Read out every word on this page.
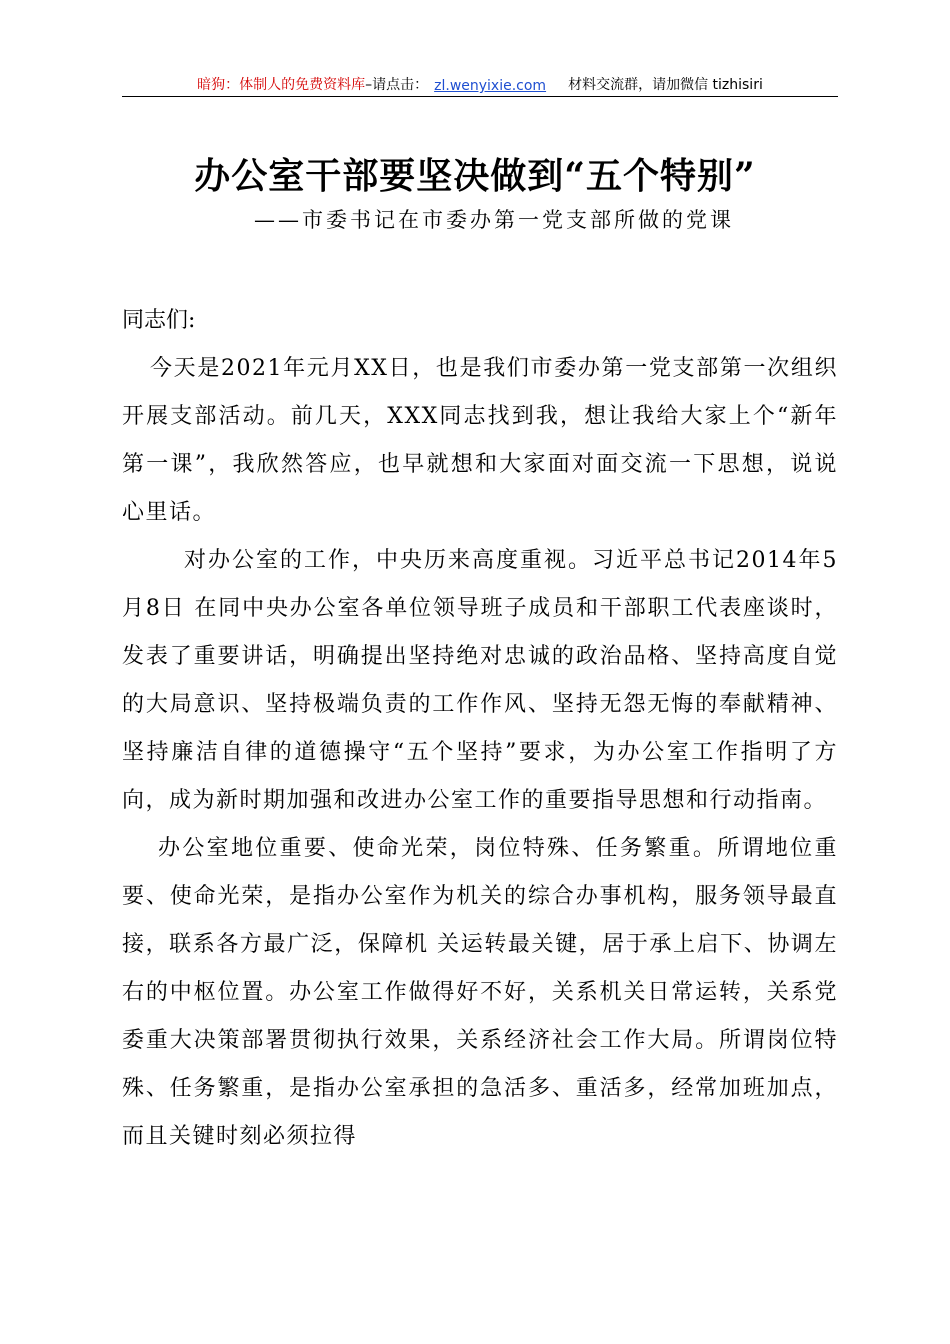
暗狗：体制人的免费资料库 –请点击： zl.wenyixie.com 材料交流群，请加微信 tizhisiri
办公室干部要坚决做到“五个特别”
——市委书记在市委办第一党支部所做的党课
同志们:

今天是2021年元月XX日，也是我们市委办第一党支部第一次组织开展支部活动。前几天，XXX同志找到我，想让我给大家上个“新年第一课”，我欣然答应，也早就想和大家面对面交流一下思想，说说心里话。

对办公室的工作，中央历来高度重视。习近平总书记2014年5月8日 在同中央办公室各单位领导班子成员和干部职工代表座谈时，发表了重要讲话，明确提出坚持绝对忠诚的政治品格、坚持高度自觉的大局意识、坚持极端负责的工作作风、坚持无怨无悔的奉献精神、坚持廉洁自律的道德操守“五个坚持”要求，为办公室工作指明了方向，成为新时期加强和改进办公室工作的重要指导思想和行动指南。

办公室地位重要、使命光荣，岗位特殊、任务繁重。所谓地位重要、使命光荣，是指办公室作为机关的综合办事机构，服务领导最直接，联系各方最广泛，保障机 关运转最关键，居于承上启下、协调左右的中枢位置。办公室工作做得好不好，关系机关日常运转，关系党委重大决策部署贯彻执行效果，关系经济社会工作大局。所谓岗位特殊、任务繁重，是指办公室承担的急活多、重活多，经常加班加点，而且关键时刻必须拉得
